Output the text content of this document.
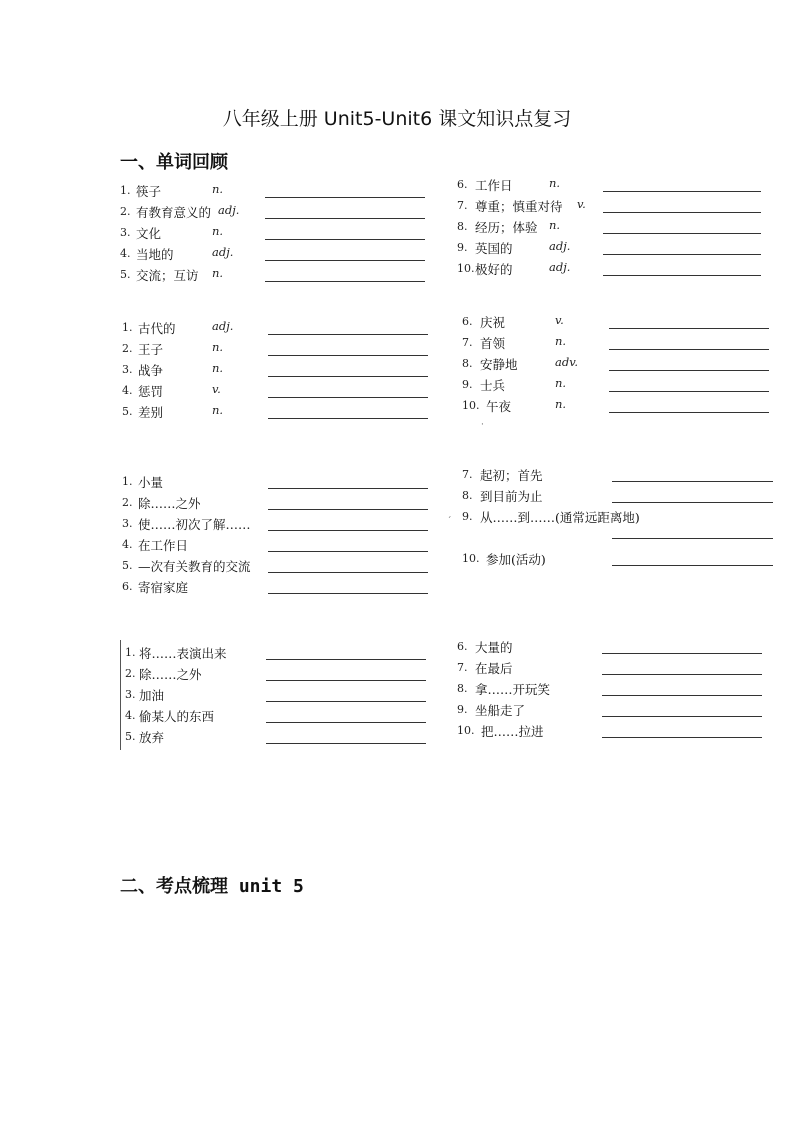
八年级上册 Unit5-Unit6 课文知识点复习
一、单词回顾
1. 筷子	n.
2. 有教育意义的 adj.
3. 文化	n.
4. 当地的	adj.
5. 交流；互访 n.
6. 工作日	n.
7. 尊重；慎重对待 v.
8. 经历；体验 n.
9. 英国的	adj.
10. 极好的	adj.
1. 古代的	adj.
2. 王子	n.
3. 战争	n.
4. 惩罚	v.
5. 差别	n.
6. 庆祝	v.
7. 首领	n.
8. 安静地	adv.
9. 士兵	n.
10. 午夜	n.
·
1. 小量
2. 除……之外
3. 使……初次了解……
4. 在工作日
5. —次有关教育的交流
6. 寄宿家庭
7. 起初；首先
8. 到目前为止
9. 从……到……(通常远距离地)
10. 参加(活动)
ˊ
1. 将……表演出来
2. 除……之外
3. 加油
4. 偷某人的东西
5. 放弃
6. 大量的
7. 在最后
8. 拿……开玩笑
9. 坐船走了
10. 把……拉进
二、考点梳理 unit 5
